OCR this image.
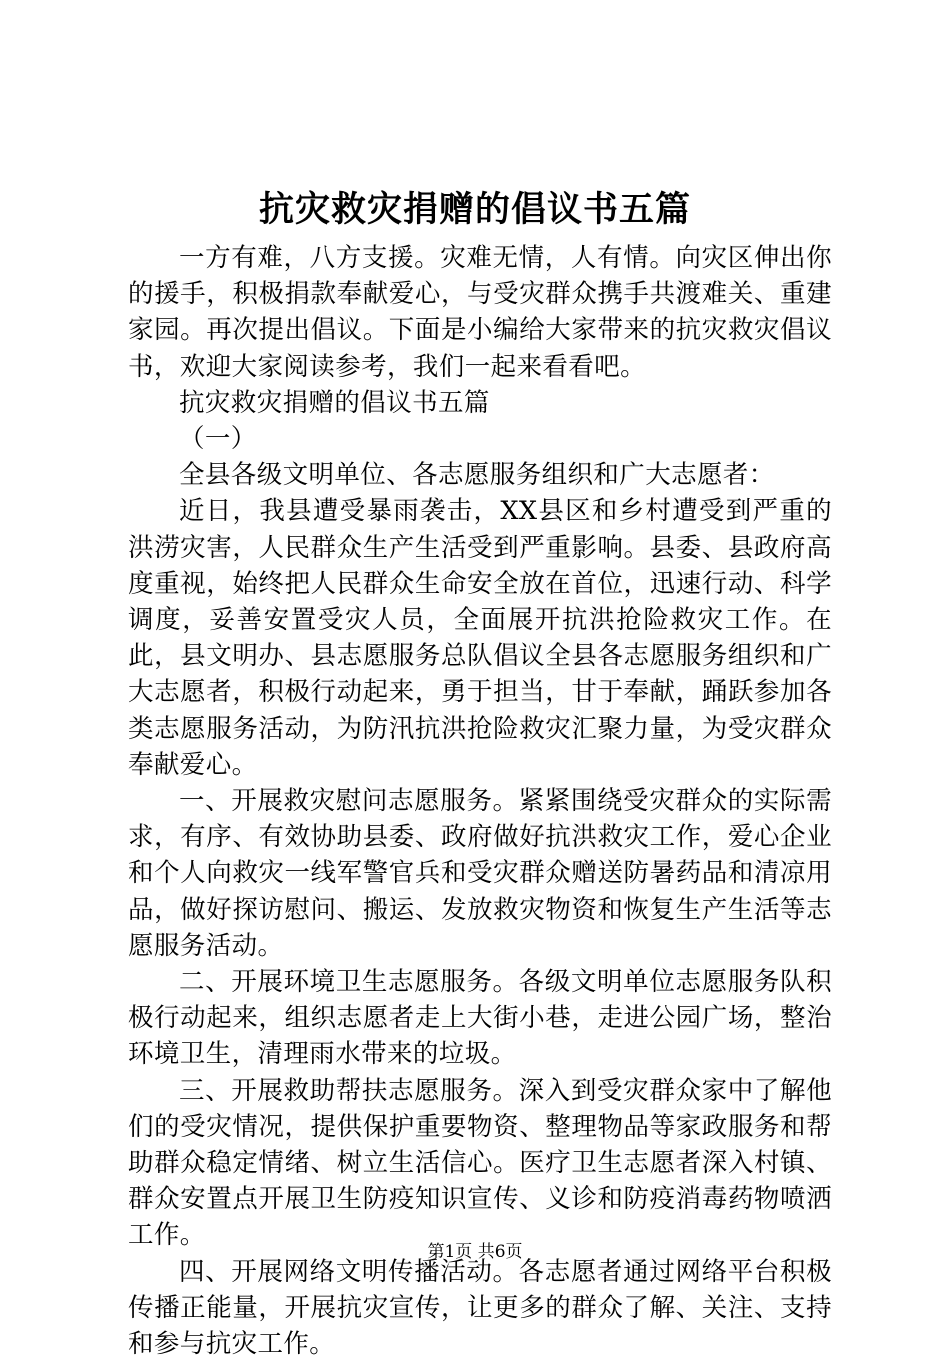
抗灾救灾捐赠的倡议书五篇

一方有难，八方支援。灾难无情，人有情。向灾区伸出你的援手，积极捐款奉献爱心，与受灾群众携手共渡难关、重建家园。再次提出倡议。下面是小编给大家带来的抗灾救灾倡议书，欢迎大家阅读参考，我们一起来看看吧。

抗灾救灾捐赠的倡议书五篇

（一）

全县各级文明单位、各志愿服务组织和广大志愿者：

近日，我县遭受暴雨袭击，XX县区和乡村遭受到严重的洪涝灾害，人民群众生产生活受到严重影响。县委、县政府高度重视，始终把人民群众生命安全放在首位，迅速行动、科学调度，妥善安置受灾人员，全面展开抗洪抢险救灾工作。在此，县文明办、县志愿服务总队倡议全县各志愿服务组织和广大志愿者，积极行动起来，勇于担当，甘于奉献，踊跃参加各类志愿服务活动，为防汛抗洪抢险救灾汇聚力量，为受灾群众奉献爱心。

一、开展救灾慰问志愿服务。紧紧围绕受灾群众的实际需求，有序、有效协助县委、政府做好抗洪救灾工作，爱心企业和个人向救灾一线军警官兵和受灾群众赠送防暑药品和清凉用品，做好探访慰问、搬运、发放救灾物资和恢复生产生活等志愿服务活动。

二、开展环境卫生志愿服务。各级文明单位志愿服务队积极行动起来，组织志愿者走上大街小巷，走进公园广场，整治环境卫生，清理雨水带来的垃圾。

三、开展救助帮扶志愿服务。深入到受灾群众家中了解他们的受灾情况，提供保护重要物资、整理物品等家政服务和帮助群众稳定情绪、树立生活信心。医疗卫生志愿者深入村镇、群众安置点开展卫生防疫知识宣传、义诊和防疫消毒药物喷洒工作。

四、开展网络文明传播活动。各志愿者通过网络平台积极传播正能量，开展抗灾宣传，让更多的群众了解、关注、支持和参与抗灾工作。

第1页 共6页
